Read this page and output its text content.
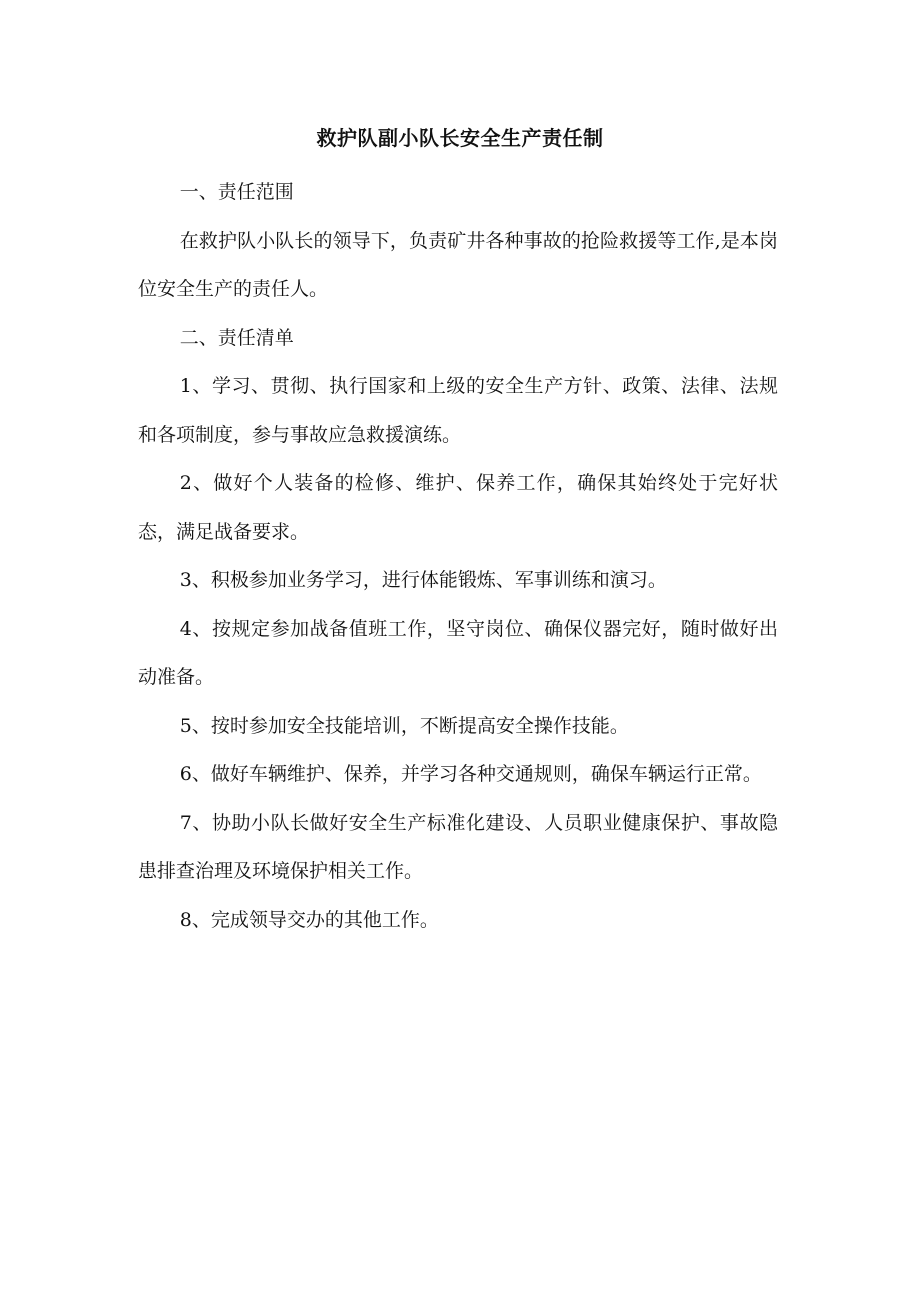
救护队副小队长安全生产责任制

一、责任范围

在救护队小队长的领导下，负责矿井各种事故的抢险救援等工作,是本岗位安全生产的责任人。

二、责任清单

1、学习、贯彻、执行国家和上级的安全生产方针、政策、法律、法规和各项制度，参与事故应急救援演练。

2、做好个人装备的检修、维护、保养工作，确保其始终处于完好状态，满足战备要求。

3、积极参加业务学习，进行体能锻炼、军事训练和演习。

4、按规定参加战备值班工作，坚守岗位、确保仪器完好，随时做好出动准备。

5、按时参加安全技能培训，不断提高安全操作技能。

6、做好车辆维护、保养，并学习各种交通规则，确保车辆运行正常。

7、协助小队长做好安全生产标准化建设、人员职业健康保护、事故隐患排查治理及环境保护相关工作。

8、完成领导交办的其他工作。
